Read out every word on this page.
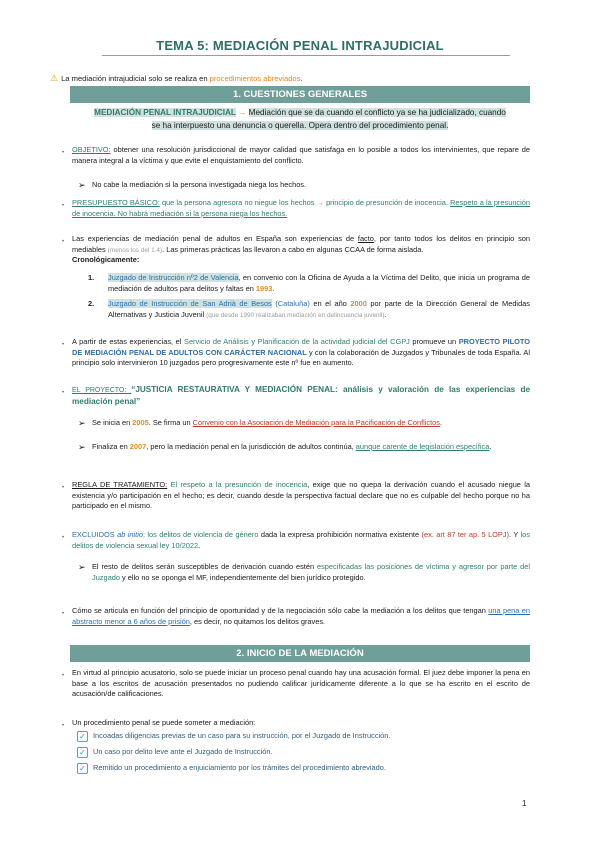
TEMA 5: MEDIACIÓN PENAL INTRAJUDICIAL
⚠ La mediación intrajudicial solo se realiza en procedimientos abreviados.
1. CUESTIONES GENERALES
MEDIACIÓN PENAL INTRAJUDICIAL → Mediación que se da cuando el conflicto ya se ha judicializado, cuando
se ha interpuesto una denuncia o querella. Opera dentro del procedimiento penal.
• OBJETIVO: obtener una resolución jurisdiccional de mayor calidad que satisfaga en lo posible a todos los intervinientes, que repare de manera integral a la víctima y que evite el enquistamiento del conflicto.
➢ No cabe la mediación si la persona investigada niega los hechos.
• PRESUPUESTO BÁSICO: que la persona agresora no niegue los hechos → principio de presunción de inocencia. Respeto a la presunción de inocencia. No habrá mediación si la persona niega los hechos.
• Las experiencias de mediación penal de adultos en España son experiencias de facto, por tanto todos los delitos en principio son mediables (menos los del 1.4). Las primeras prácticas las llevaron a cabo en algunas CCAA de forma aislada.
Cronológicamente:
1. Juzgado de Instrucción nº2 de Valencia, en convenio con la Oficina de Ayuda a la Víctima del Delito, que inicia un programa de mediación de adultos para delitos y faltas en 1993.
2. Juzgado de Instrucción de San Adrià de Besos (Cataluña) en el año 2000 por parte de la Dirección General de Medidas Alternativas y Justicia Juvenil (que desde 1990 realizaban mediación en delincuencia juvenil).
• A partir de estas experiencias, el Servicio de Análisis y Planificación de la actividad judicial del CGPJ promueve un PROYECTO PILOTO DE MEDIACIÓN PENAL DE ADULTOS CON CARÁCTER NACIONAL y con la colaboración de Juzgados y Tribunales de toda España. Al principio solo intervinieron 10 juzgados pero progresivamente este nº fue en aumento.
• EL PROYECTO: “JUSTICIA RESTAURATIVA Y MEDIACIÓN PENAL: análisis y valoración de las experiencias de mediación penal”
➢ Se inicia en 2005. Se firma un Convenio con la Asociación de Mediación para la Pacificación de Conflictos.
➢ Finaliza en 2007, pero la mediación penal en la jurisdicción de adultos continúa, aunque carente de legislación específica.
• REGLA DE TRATAMIENTO: El respeto a la presunción de inocencia, exige que no quepa la derivación cuando el acusado niegue la existencia y/o participación en el hecho; es decir, cuando desde la perspectiva factual declare que no es culpable del hecho porque no ha participado en el mismo.
• EXCLUIDOS ab initio: los delitos de violencia de género dada la expresa prohibición normativa existente (ex. art 87 ter ap. 5 LOPJ). Y los delitos de violencia sexual ley 10/2022.
➢ El resto de delitos serán susceptibles de derivación cuando estén especificadas las posiciones de víctima y agresor por parte del Juzgado y ello no se oponga el MF, independientemente del bien jurídico protegido.
• Cómo se articula en función del principio de oportunidad y de la negociación sólo cabe la mediación a los delitos que tengan una pena en abstracto menor a 6 años de prisión, es decir, no quitamos los delitos graves.
2. INICIO DE LA MEDIACIÓN
• En virtud al principio acusatorio, solo se puede iniciar un proceso penal cuando hay una acusación formal. El juez debe imponer la pena en base a los escritos de acusación presentados no pudiendo calificar jurídicamente diferente a lo que se ha escrito en el escrito de acusación/de calificaciones.
• Un procedimiento penal se puede someter a mediación:
✓ Incoadas diligencias previas de un caso para su instrucción, por el Juzgado de Instrucción.
✓ Un caso por delito leve ante el Juzgado de Instrucción.
✓ Remitido un procedimiento a enjuiciamiento por los trámites del procedimiento abreviado.
1
